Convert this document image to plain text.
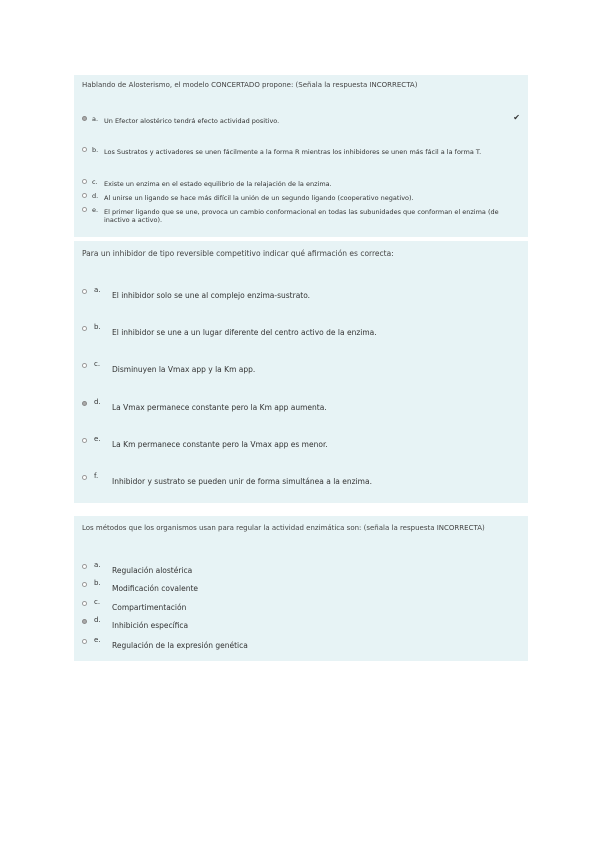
Hablando de Alosterismo, el modelo CONCERTADO propone: (Señala la respuesta INCORRECTA)
✔
a. Un Efector alostérico tendrá efecto actividad positivo.
b. Los Sustratos y activadores se unen fácilmente a la forma R mientras los inhibidores se unen más fácil a la forma T.
c. Existe un enzima en el estado equilibrio de la relajación de la enzima.
d. Al unirse un ligando se hace más difícil la unión de un segundo ligando (cooperativo negativo).
e. El primer ligando que se une, provoca un cambio conformacional en todas las subunidades que conforman el enzima (de inactivo a activo).
Para un inhibidor de tipo reversible competitivo indicar qué afirmación es correcta:
a.
El inhibidor solo se une al complejo enzima-sustrato.
b.
El inhibidor se une a un lugar diferente del centro activo de la enzima.
c.
Disminuyen la Vmax app y la Km app.
d.
La Vmax permanece constante pero la Km app aumenta.
e.
La Km permanece constante pero la Vmax app es menor.
f.
Inhibidor y sustrato se pueden unir de forma simultánea a la enzima.
Los métodos que los organismos usan para regular la actividad enzimática son: (señala la respuesta INCORRECTA)
a.
Regulación alostérica
b.
Modificación covalente
c.
Compartimentación
d.
Inhibición específica
e.
Regulación de la expresión genética
